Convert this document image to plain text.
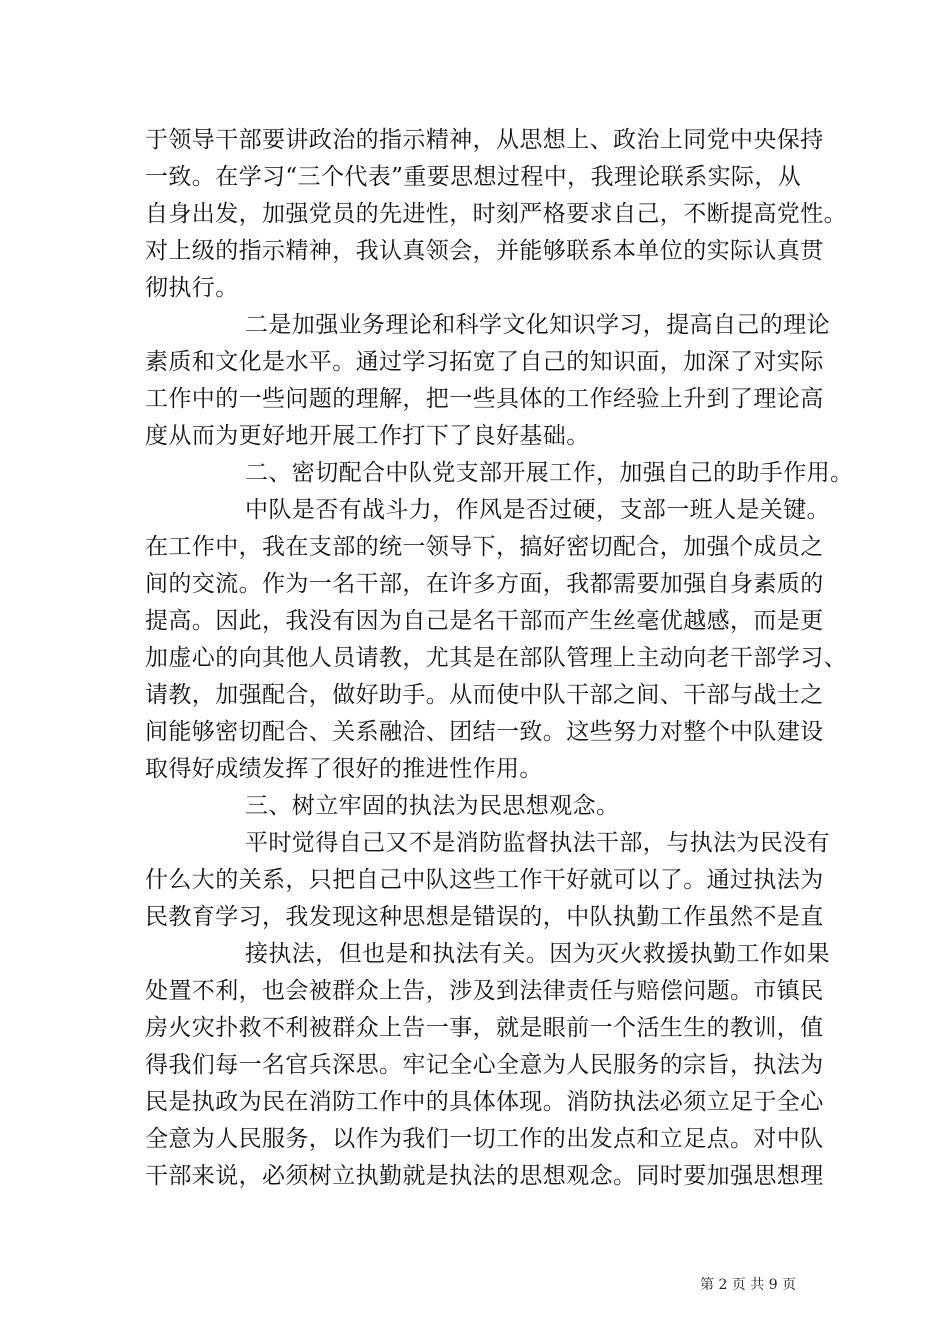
于领导干部要讲政治的指示精神，从思想上、政治上同党中央保持
一致。在学习“三个代表”重要思想过程中，我理论联系实际，从
自身出发，加强党员的先进性，时刻严格要求自己，不断提高党性。
对上级的指示精神，我认真领会，并能够联系本单位的实际认真贯
彻执行。
二是加强业务理论和科学文化知识学习，提高自己的理论
素质和文化是水平。通过学习拓宽了自己的知识面，加深了对实际
工作中的一些问题的理解，把一些具体的工作经验上升到了理论高
度从而为更好地开展工作打下了良好基础。
二、密切配合中队党支部开展工作，加强自己的助手作用。
中队是否有战斗力，作风是否过硬，支部一班人是关键。
在工作中，我在支部的统一领导下，搞好密切配合，加强个成员之
间的交流。作为一名干部，在许多方面，我都需要加强自身素质的
提高。因此，我没有因为自己是名干部而产生丝毫优越感，而是更
加虚心的向其他人员请教，尤其是在部队管理上主动向老干部学习、
请教，加强配合，做好助手。从而使中队干部之间、干部与战士之
间能够密切配合、关系融洽、团结一致。这些努力对整个中队建设
取得好成绩发挥了很好的推进性作用。
三、树立牢固的执法为民思想观念。
平时觉得自己又不是消防监督执法干部，与执法为民没有
什么大的关系，只把自己中队这些工作干好就可以了。通过执法为
民教育学习，我发现这种思想是错误的，中队执勤工作虽然不是直
接执法，但也是和执法有关。因为灭火救援执勤工作如果
处置不利，也会被群众上告，涉及到法律责任与赔偿问题。市镇民
房火灾扑救不利被群众上告一事，就是眼前一个活生生的教训，值
得我们每一名官兵深思。牢记全心全意为人民服务的宗旨，执法为
民是执政为民在消防工作中的具体体现。消防执法必须立足于全心
全意为人民服务，以作为我们一切工作的出发点和立足点。对中队
干部来说，必须树立执勤就是执法的思想观念。同时要加强思想理
第 2 页 共 9 页
